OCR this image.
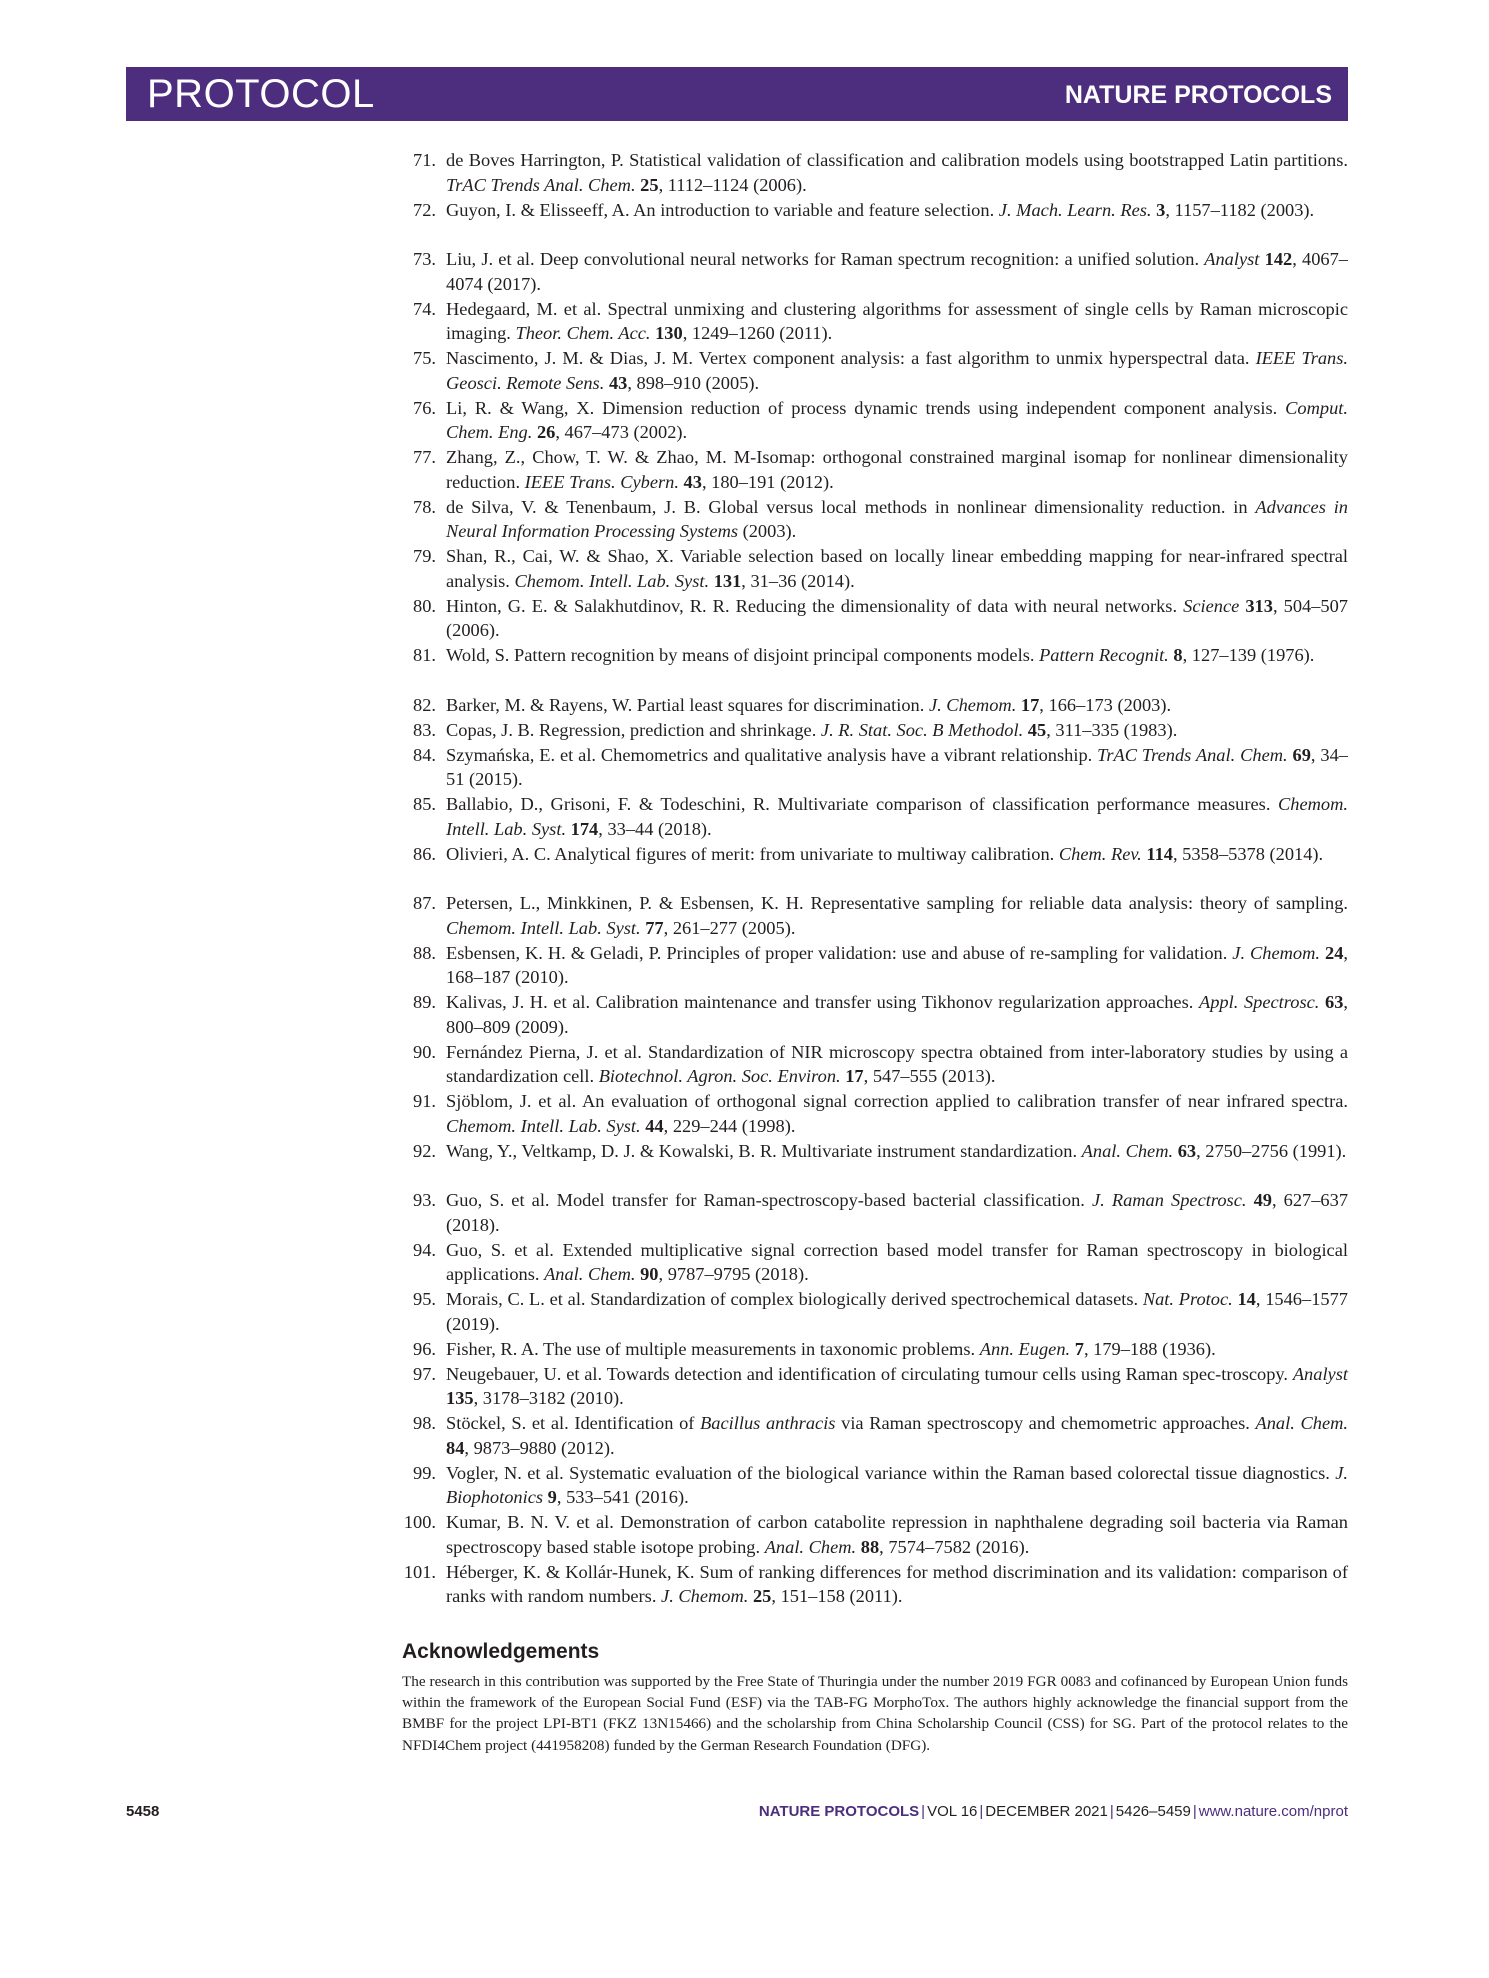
PROTOCOL	NATURE PROTOCOLS
71. de Boves Harrington, P. Statistical validation of classification and calibration models using bootstrapped Latin partitions. TrAC Trends Anal. Chem. 25, 1112–1124 (2006).
72. Guyon, I. & Elisseeff, A. An introduction to variable and feature selection. J. Mach. Learn. Res. 3, 1157–1182 (2003).
73. Liu, J. et al. Deep convolutional neural networks for Raman spectrum recognition: a unified solution. Analyst 142, 4067–4074 (2017).
74. Hedegaard, M. et al. Spectral unmixing and clustering algorithms for assessment of single cells by Raman microscopic imaging. Theor. Chem. Acc. 130, 1249–1260 (2011).
75. Nascimento, J. M. & Dias, J. M. Vertex component analysis: a fast algorithm to unmix hyperspectral data. IEEE Trans. Geosci. Remote Sens. 43, 898–910 (2005).
76. Li, R. & Wang, X. Dimension reduction of process dynamic trends using independent component analysis. Comput. Chem. Eng. 26, 467–473 (2002).
77. Zhang, Z., Chow, T. W. & Zhao, M. M-Isomap: orthogonal constrained marginal isomap for nonlinear dimensionality reduction. IEEE Trans. Cybern. 43, 180–191 (2012).
78. de Silva, V. & Tenenbaum, J. B. Global versus local methods in nonlinear dimensionality reduction. in Advances in Neural Information Processing Systems (2003).
79. Shan, R., Cai, W. & Shao, X. Variable selection based on locally linear embedding mapping for near-infrared spectral analysis. Chemom. Intell. Lab. Syst. 131, 31–36 (2014).
80. Hinton, G. E. & Salakhutdinov, R. R. Reducing the dimensionality of data with neural networks. Science 313, 504–507 (2006).
81. Wold, S. Pattern recognition by means of disjoint principal components models. Pattern Recognit. 8, 127–139 (1976).
82. Barker, M. & Rayens, W. Partial least squares for discrimination. J. Chemom. 17, 166–173 (2003).
83. Copas, J. B. Regression, prediction and shrinkage. J. R. Stat. Soc. B Methodol. 45, 311–335 (1983).
84. Szymańska, E. et al. Chemometrics and qualitative analysis have a vibrant relationship. TrAC Trends Anal. Chem. 69, 34–51 (2015).
85. Ballabio, D., Grisoni, F. & Todeschini, R. Multivariate comparison of classification performance measures. Chemom. Intell. Lab. Syst. 174, 33–44 (2018).
86. Olivieri, A. C. Analytical figures of merit: from univariate to multiway calibration. Chem. Rev. 114, 5358–5378 (2014).
87. Petersen, L., Minkkinen, P. & Esbensen, K. H. Representative sampling for reliable data analysis: theory of sampling. Chemom. Intell. Lab. Syst. 77, 261–277 (2005).
88. Esbensen, K. H. & Geladi, P. Principles of proper validation: use and abuse of re-sampling for validation. J. Chemom. 24, 168–187 (2010).
89. Kalivas, J. H. et al. Calibration maintenance and transfer using Tikhonov regularization approaches. Appl. Spectrosc. 63, 800–809 (2009).
90. Fernández Pierna, J. et al. Standardization of NIR microscopy spectra obtained from inter-laboratory studies by using a standardization cell. Biotechnol. Agron. Soc. Environ. 17, 547–555 (2013).
91. Sjöblom, J. et al. An evaluation of orthogonal signal correction applied to calibration transfer of near infrared spectra. Chemom. Intell. Lab. Syst. 44, 229–244 (1998).
92. Wang, Y., Veltkamp, D. J. & Kowalski, B. R. Multivariate instrument standardization. Anal. Chem. 63, 2750–2756 (1991).
93. Guo, S. et al. Model transfer for Raman-spectroscopy-based bacterial classification. J. Raman Spectrosc. 49, 627–637 (2018).
94. Guo, S. et al. Extended multiplicative signal correction based model transfer for Raman spectroscopy in biological applications. Anal. Chem. 90, 9787–9795 (2018).
95. Morais, C. L. et al. Standardization of complex biologically derived spectrochemical datasets. Nat. Protoc. 14, 1546–1577 (2019).
96. Fisher, R. A. The use of multiple measurements in taxonomic problems. Ann. Eugen. 7, 179–188 (1936).
97. Neugebauer, U. et al. Towards detection and identification of circulating tumour cells using Raman spec-troscopy. Analyst 135, 3178–3182 (2010).
98. Stöckel, S. et al. Identification of Bacillus anthracis via Raman spectroscopy and chemometric approaches. Anal. Chem. 84, 9873–9880 (2012).
99. Vogler, N. et al. Systematic evaluation of the biological variance within the Raman based colorectal tissue diagnostics. J. Biophotonics 9, 533–541 (2016).
100. Kumar, B. N. V. et al. Demonstration of carbon catabolite repression in naphthalene degrading soil bacteria via Raman spectroscopy based stable isotope probing. Anal. Chem. 88, 7574–7582 (2016).
101. Héberger, K. & Kollár-Hunek, K. Sum of ranking differences for method discrimination and its validation: comparison of ranks with random numbers. J. Chemom. 25, 151–158 (2011).
Acknowledgements
The research in this contribution was supported by the Free State of Thuringia under the number 2019 FGR 0083 and cofinanced by European Union funds within the framework of the European Social Fund (ESF) via the TAB-FG MorphoTox. The authors highly acknowledge the financial support from the BMBF for the project LPI-BT1 (FKZ 13N15466) and the scholarship from China Scholarship Council (CSS) for SG. Part of the protocol relates to the NFDI4Chem project (441958208) funded by the German Research Foundation (DFG).
5458	NATURE PROTOCOLS | VOL 16 | DECEMBER 2021 | 5426–5459 | www.nature.com/nprot
